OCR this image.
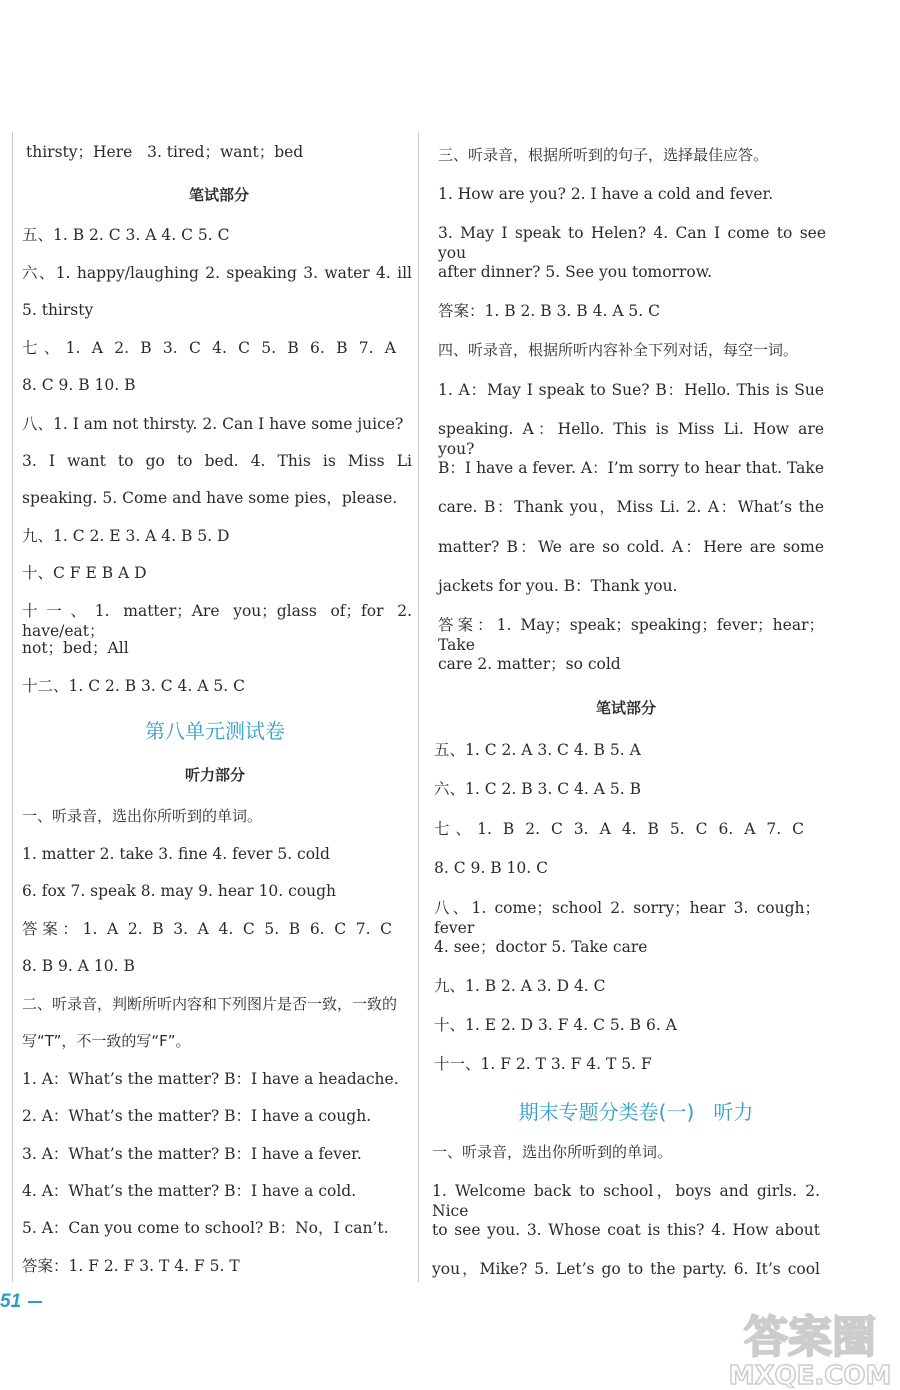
thirsty；Here 3. tired；want；bed
笔试部分
五、1. B 2. C 3. A 4. C 5. C
六、1. happy/laughing 2. speaking 3. water 4. ill
5. thirsty
七、1. A 2. B 3. C 4. C 5. B 6. B 7. A
8. C 9. B 10. B
八、1. I am not thirsty. 2. Can I have some juice?
3. I want to go to bed. 4. This is Miss Li
speaking. 5. Come and have some pies，please.
九、1. C 2. E 3. A 4. B 5. D
十、C F E B A D
十一、1. matter；Are you；glass of；for 2. have/eat；
not；bed；All
十二、1. C 2. B 3. C 4. A 5. C
第八单元测试卷
听力部分
一、听录音，选出你所听到的单词。
1. matter 2. take 3. fine 4. fever 5. cold
6. fox 7. speak 8. may 9. hear 10. cough
答案：1. A 2. B 3. A 4. C 5. B 6. C 7. C
8. B 9. A 10. B
二、听录音，判断所听内容和下列图片是否一致，一致的
写“T”，不一致的写“F”。
1. A：What’s the matter? B：I have a headache.
2. A：What’s the matter? B：I have a cough.
3. A：What’s the matter? B：I have a fever.
4. A：What’s the matter? B：I have a cold.
5. A：Can you come to school? B：No，I can’t.
答案：1. F 2. F 3. T 4. F 5. T
51
三、听录音，根据所听到的句子，选择最佳应答。
1. How are you? 2. I have a cold and fever.
3. May I speak to Helen? 4. Can I come to see you
after dinner? 5. See you tomorrow.
答案：1. B 2. B 3. B 4. A 5. C
四、听录音，根据所听内容补全下列对话，每空一词。
1. A：May I speak to Sue? B：Hello. This is Sue
speaking. A：Hello. This is Miss Li. How are you?
B：I have a fever. A：I’m sorry to hear that. Take
care. B：Thank you，Miss Li. 2. A：What’s the
matter? B：We are so cold. A：Here are some
jackets for you. B：Thank you.
答案：1. May；speak；speaking；fever；hear；Take
care 2. matter；so cold
笔试部分
五、1. C 2. A 3. C 4. B 5. A
六、1. C 2. B 3. C 4. A 5. B
七、1. B 2. C 3. A 4. B 5. C 6. A 7. C
8. C 9. B 10. C
八、1. come；school 2. sorry；hear 3. cough；fever
4. see；doctor 5. Take care
九、1. B 2. A 3. D 4. C
十、1. E 2. D 3. F 4. C 5. B 6. A
十一、1. F 2. T 3. F 4. T 5. F
期末专题分类卷(一)   听力
一、听录音，选出你所听到的单词。
1. Welcome back to school，boys and girls. 2. Nice
to see you. 3. Whose coat is this? 4. How about
you，Mike? 5. Let’s go to the party. 6. It’s cool
答案圈
MXQE.COM
